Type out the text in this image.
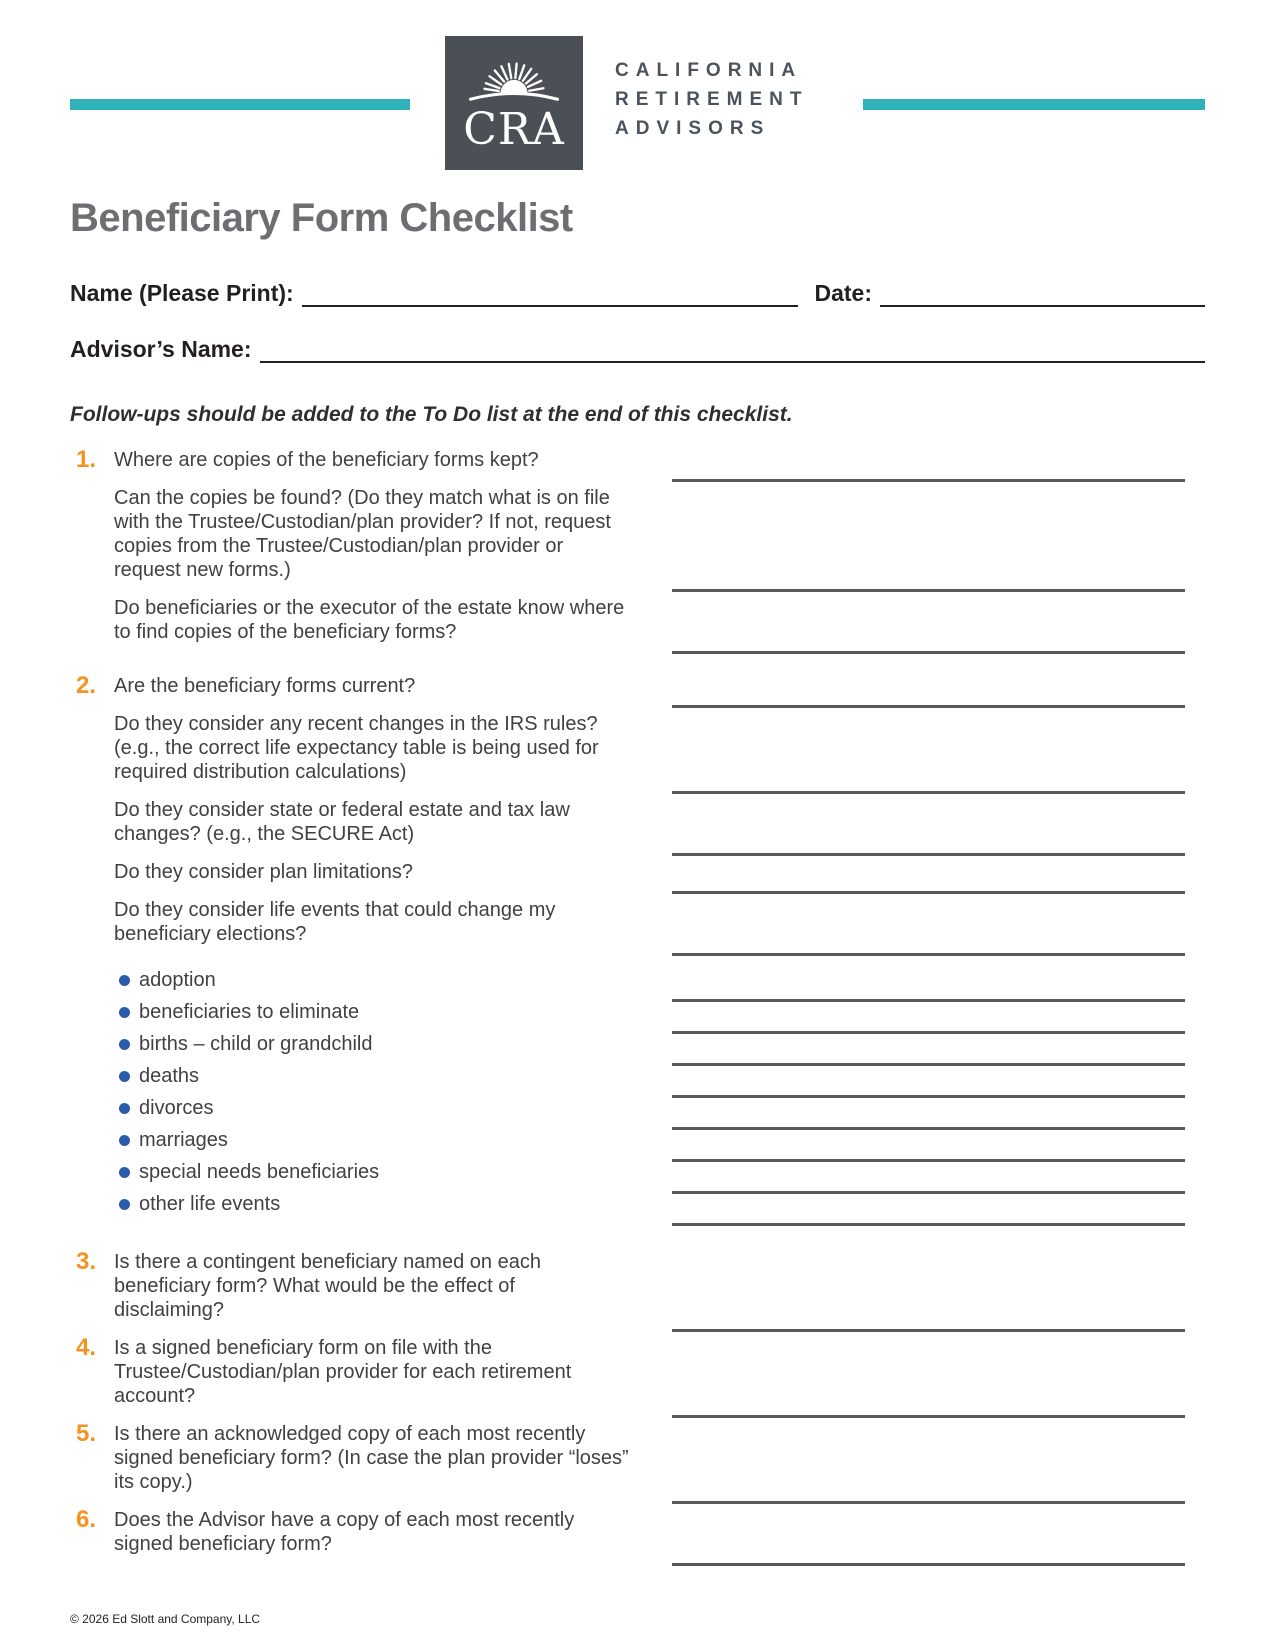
CRA
CALIFORNIA
RETIREMENT
ADVISORS
Beneficiary Form Checklist
Name (Please Print):	Date:
Advisor’s Name:

Follow-ups should be added to the To Do list at the end of this checklist.

1. Where are copies of the beneficiary forms kept?
Can the copies be found? (Do they match what is on file with the Trustee/Custodian/plan provider? If not, request copies from the Trustee/Custodian/plan provider or request new forms.)
Do beneficiaries or the executor of the estate know where to find copies of the beneficiary forms?
2. Are the beneficiary forms current?
Do they consider any recent changes in the IRS rules? (e.g., the correct life expectancy table is being used for required distribution calculations)
Do they consider state or federal estate and tax law changes? (e.g., the SECURE Act)
Do they consider plan limitations?
Do they consider life events that could change my beneficiary elections?
adoption
beneficiaries to eliminate
births – child or grandchild
deaths
divorces
marriages
special needs beneficiaries
other life events
3. Is there a contingent beneficiary named on each beneficiary form? What would be the effect of disclaiming?
4. Is a signed beneficiary form on file with the Trustee/Custodian/plan provider for each retirement account?
5. Is there an acknowledged copy of each most recently signed beneficiary form? (In case the plan provider “loses” its copy.)
6. Does the Advisor have a copy of each most recently signed beneficiary form?
© 2026 Ed Slott and Company, LLC
